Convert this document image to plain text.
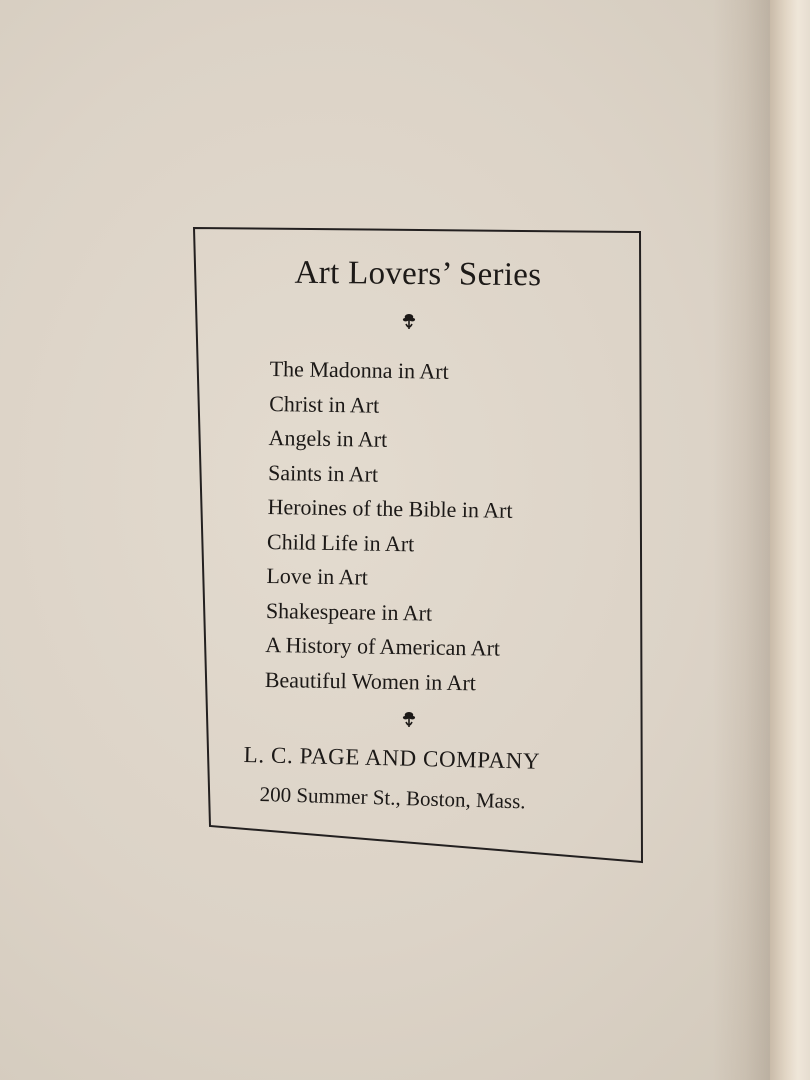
Art Lovers’ Series
The Madonna in Art
Christ in Art
Angels in Art
Saints in Art
Heroines of the Bible in Art
Child Life in Art
Love in Art
Shakespeare in Art
A History of American Art
Beautiful Women in Art
L. C. PAGE AND COMPANY
200 Summer St., Boston, Mass.
